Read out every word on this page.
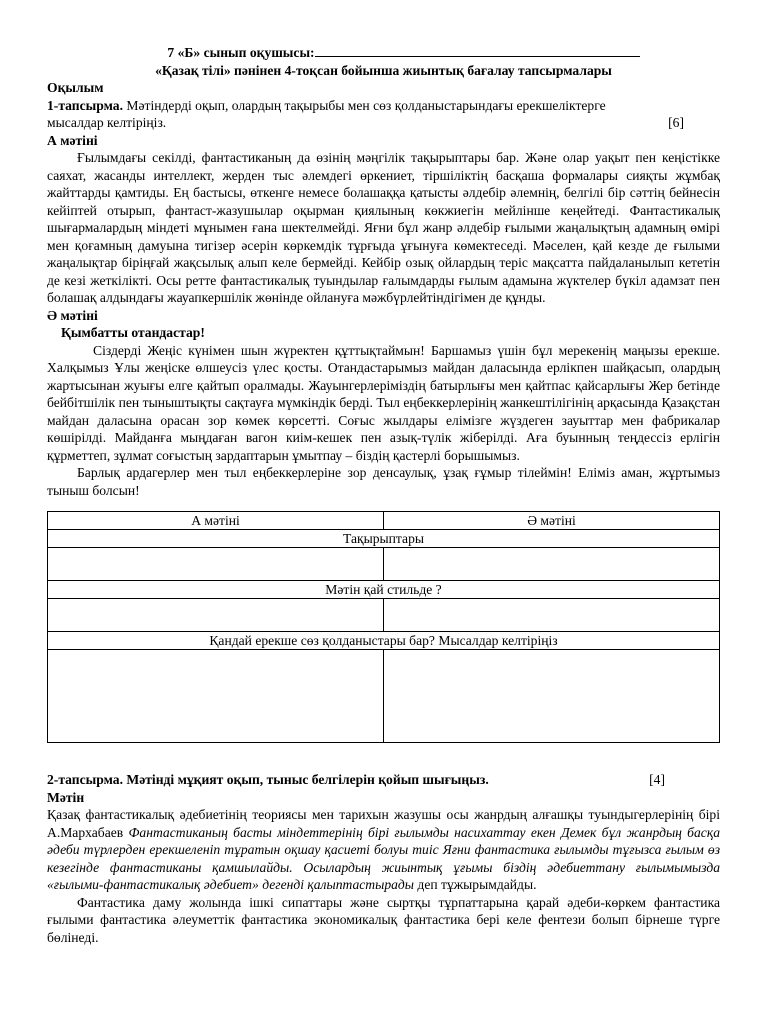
7 «Б» сынып оқушысы:
«Қазақ тілі» пәнінен 4-тоқсан бойынша жиынтық бағалау тапсырмалары
Оқылым
1-тапсырма. Мәтіндерді оқып, олардың тақырыбы мен сөз қолданыстарындағы ерекшеліктерге
мысалдар келтіріңіз.	[6]
А мәтіні

Ғылымдағы секілді, фантастиканың да өзінің мәңгілік тақырыптары бар. Және олар уақыт пен кеңістікке саяхат, жасанды интеллект, жерден тыс әлемдегі өркениет, тіршіліктің басқаша формалары сияқты жұмбақ жайттарды қамтиды. Ең бастысы, өткенге немесе болашаққа қатысты әлдебір әлемнің, белгілі бір сәттің бейнесін кейіптей отырып, фантаст-жазушылар оқырман қиялының көкжиегін мейлінше кеңейтеді. Фантастикалық шығармалардың міндеті мұнымен ғана шектелмейді. Яғни бұл жанр әлдебір ғылыми жаңалықтың адамның өмірі мен қоғамның дамуына тигізер әсерін көркемдік тұрғыда ұғынуға көмектеседі. Мәселен, қай кезде де ғылыми жаңалықтар біріңғай жақсылық алып келе бермейді. Кейбір озық ойлардың теріс мақсатта пайдаланылып кететін де кезі жеткілікті. Осы ретте фантастикалық туындылар ғалымдарды ғылым адамына жүктелер бүкіл адамзат пен болашақ алдындағы жауапкершілік жөнінде ойлануға мәжбүрлейтіндігімен де құнды.

Ә мәтіні
Қымбатты отандастар!

Сіздерді Жеңіс күнімен шын жүректен құттықтаймын! Баршамыз үшін бұл мерекенің маңызы ерекше. Халқымыз Ұлы жеңіске өлшеусіз үлес қосты. Отандастарымыз майдан даласында ерлікпен шайқасып, олардың жартысынан жуығы елге қайтып оралмады. Жауынгерлеріміздің батырлығы мен қайтпас қайсарлығы Жер бетінде бейбітшілік пен тыныштықты сақтауға мүмкіндік берді. Тыл еңбеккерлерінің жанкештілігінің арқасында Қазақстан майдан даласына орасан зор көмек көрсетті. Соғыс жылдары елімізге жүздеген зауыттар мен фабрикалар көшірілді. Майданға мыңдаған вагон киім-кешек пен азық-түлік жіберілді. Аға буынның теңдессіз ерлігін құрметтеп, зұлмат соғыстың зардаптарын ұмытпау – біздің қастерлі борышымыз.

Барлық ардагерлер мен тыл еңбеккерлеріне зор денсаулық, ұзақ ғұмыр тілеймін! Еліміз аман, жұртымыз тыныш болсын!

А мәтіні	Ә мәтіні
Тақырыптары	

Мәтін қай стильде ?	

Қандай ерекше сөз қолданыстары бар? Мысалдар келтіріңіз	

2-тапсырма. Мәтінді мұқият оқып, тыныс белгілерін қойып шығыңыз.	[4]
Мәтін

Қазақ фантастикалық әдебиетінің теориясы мен тарихын жазушы осы жанрдың алғашқы туындыгерлерінің бірі А.Мархабаев Фантастиканың басты міндеттерінің бірі ғылымды насихаттау екен Демек бұл жанрдың басқа әдеби түрлерден ерекшеленіп тұратын оқшау қасиеті болуы тиіс Яғни фантастика ғылымды тұғызса ғылым өз кезегінде фантастиканы қамшылайды. Осылардың жиынтық ұғымы біздің әдебиеттану ғылымымызда «ғылыми-фантастикалық әдебиет» дегенді қалыптастырады деп тұжырымдайды.

Фантастика даму жолында ішкі сипаттары және сыртқы тұрпаттарына қарай әдеби-көркем фантастика ғылыми фантастика әлеуметтік фантастика экономикалық фантастика бері келе фентези болып бірнеше түрге бөлінеді.
